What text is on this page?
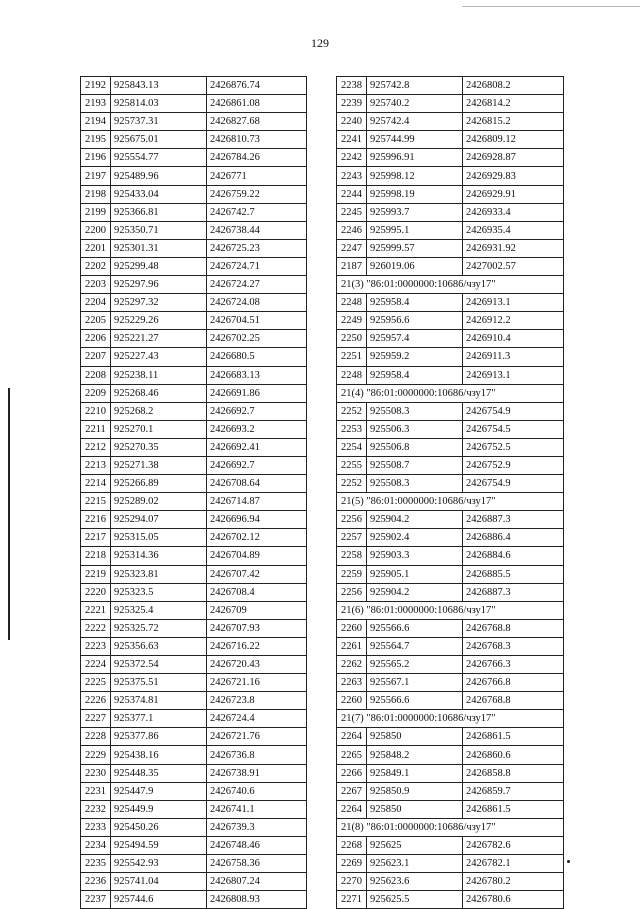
129
2192	925843.13	2426876.74
2193	925814.03	2426861.08
2194	925737.31	2426827.68
2195	925675.01	2426810.73
2196	925554.77	2426784.26
2197	925489.96	2426771
2198	925433.04	2426759.22
2199	925366.81	2426742.7
2200	925350.71	2426738.44
2201	925301.31	2426725.23
2202	925299.48	2426724.71
2203	925297.96	2426724.27
2204	925297.32	2426724.08
2205	925229.26	2426704.51
2206	925221.27	2426702.25
2207	925227.43	2426680.5
2208	925238.11	2426683.13
2209	925268.46	2426691.86
2210	925268.2	2426692.7
2211	925270.1	2426693.2
2212	925270.35	2426692.41
2213	925271.38	2426692.7
2214	925266.89	2426708.64
2215	925289.02	2426714.87
2216	925294.07	2426696.94
2217	925315.05	2426702.12
2218	925314.36	2426704.89
2219	925323.81	2426707.42
2220	925323.5	2426708.4
2221	925325.4	2426709
2222	925325.72	2426707.93
2223	925356.63	2426716.22
2224	925372.54	2426720.43
2225	925375.51	2426721.16
2226	925374.81	2426723.8
2227	925377.1	2426724.4
2228	925377.86	2426721.76
2229	925438.16	2426736.8
2230	925448.35	2426738.91
2231	925447.9	2426740.6
2232	925449.9	2426741.1
2233	925450.26	2426739.3
2234	925494.59	2426748.46
2235	925542.93	2426758.36
2236	925741.04	2426807.24
2237	925744.6	2426808.93
2238	925742.8	2426808.2
2239	925740.2	2426814.2
2240	925742.4	2426815.2
2241	925744.99	2426809.12
2242	925996.91	2426928.87
2243	925998.12	2426929.83
2244	925998.19	2426929.91
2245	925993.7	2426933.4
2246	925995.1	2426935.4
2247	925999.57	2426931.92
2187	926019.06	2427002.57
21(3) "86:01:0000000:10686/чзу17"		
2248	925958.4	2426913.1
2249	925956.6	2426912.2
2250	925957.4	2426910.4
2251	925959.2	2426911.3
2248	925958.4	2426913.1
21(4) "86:01:0000000:10686/чзу17"		
2252	925508.3	2426754.9
2253	925506.3	2426754.5
2254	925506.8	2426752.5
2255	925508.7	2426752.9
2252	925508.3	2426754.9
21(5) "86:01:0000000:10686/чзу17"		
2256	925904.2	2426887.3
2257	925902.4	2426886.4
2258	925903.3	2426884.6
2259	925905.1	2426885.5
2256	925904.2	2426887.3
21(6) "86:01:0000000:10686/чзу17"		
2260	925566.6	2426768.8
2261	925564.7	2426768.3
2262	925565.2	2426766.3
2263	925567.1	2426766.8
2260	925566.6	2426768.8
21(7) "86:01:0000000:10686/чзу17"		
2264	925850	2426861.5
2265	925848.2	2426860.6
2266	925849.1	2426858.8
2267	925850.9	2426859.7
2264	925850	2426861.5
21(8) "86:01:0000000:10686/чзу17"		
2268	925625	2426782.6
2269	925623.1	2426782.1
2270	925623.6	2426780.2
2271	925625.5	2426780.6
